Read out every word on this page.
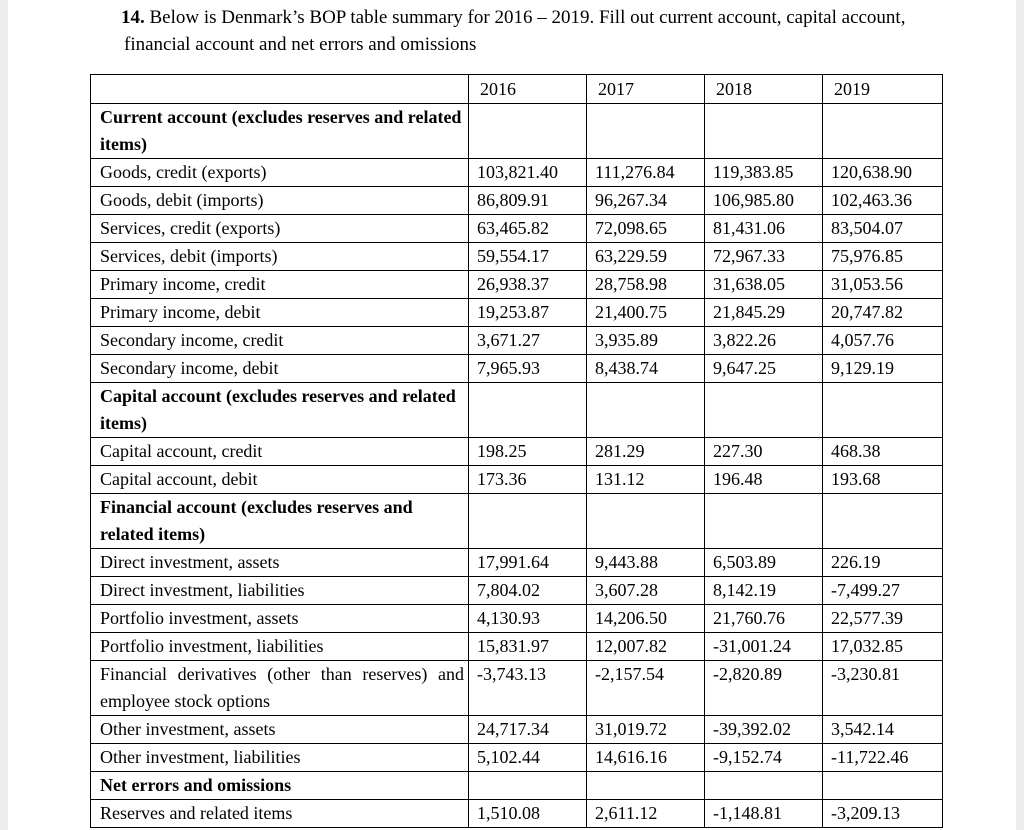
14. Below is Denmark’s BOP table summary for 2016 – 2019. Fill out current account, capital account,
financial account and net errors and omissions
	2016	2017	2018	2019
Current account (excludes reserves and related items)				
Goods, credit (exports)	103,821.40	111,276.84	119,383.85	120,638.90
Goods, debit (imports)	86,809.91	96,267.34	106,985.80	102,463.36
Services, credit (exports)	63,465.82	72,098.65	81,431.06	83,504.07
Services, debit (imports)	59,554.17	63,229.59	72,967.33	75,976.85
Primary income, credit	26,938.37	28,758.98	31,638.05	31,053.56
Primary income, debit	19,253.87	21,400.75	21,845.29	20,747.82
Secondary income, credit	3,671.27	3,935.89	3,822.26	4,057.76
Secondary income, debit	7,965.93	8,438.74	9,647.25	9,129.19
Capital account (excludes reserves and related items)				
Capital account, credit	198.25	281.29	227.30	468.38
Capital account, debit	173.36	131.12	196.48	193.68
Financial account (excludes reserves and related items)				
Direct investment, assets	17,991.64	9,443.88	6,503.89	226.19
Direct investment, liabilities	7,804.02	3,607.28	8,142.19	-7,499.27
Portfolio investment, assets	4,130.93	14,206.50	21,760.76	22,577.39
Portfolio investment, liabilities	15,831.97	12,007.82	-31,001.24	17,032.85
Financial derivatives (other than reserves) and employee stock options	-3,743.13	-2,157.54	-2,820.89	-3,230.81
Other investment, assets	24,717.34	31,019.72	-39,392.02	3,542.14
Other investment, liabilities	5,102.44	14,616.16	-9,152.74	-11,722.46
Net errors and omissions				
Reserves and related items	1,510.08	2,611.12	-1,148.81	-3,209.13
